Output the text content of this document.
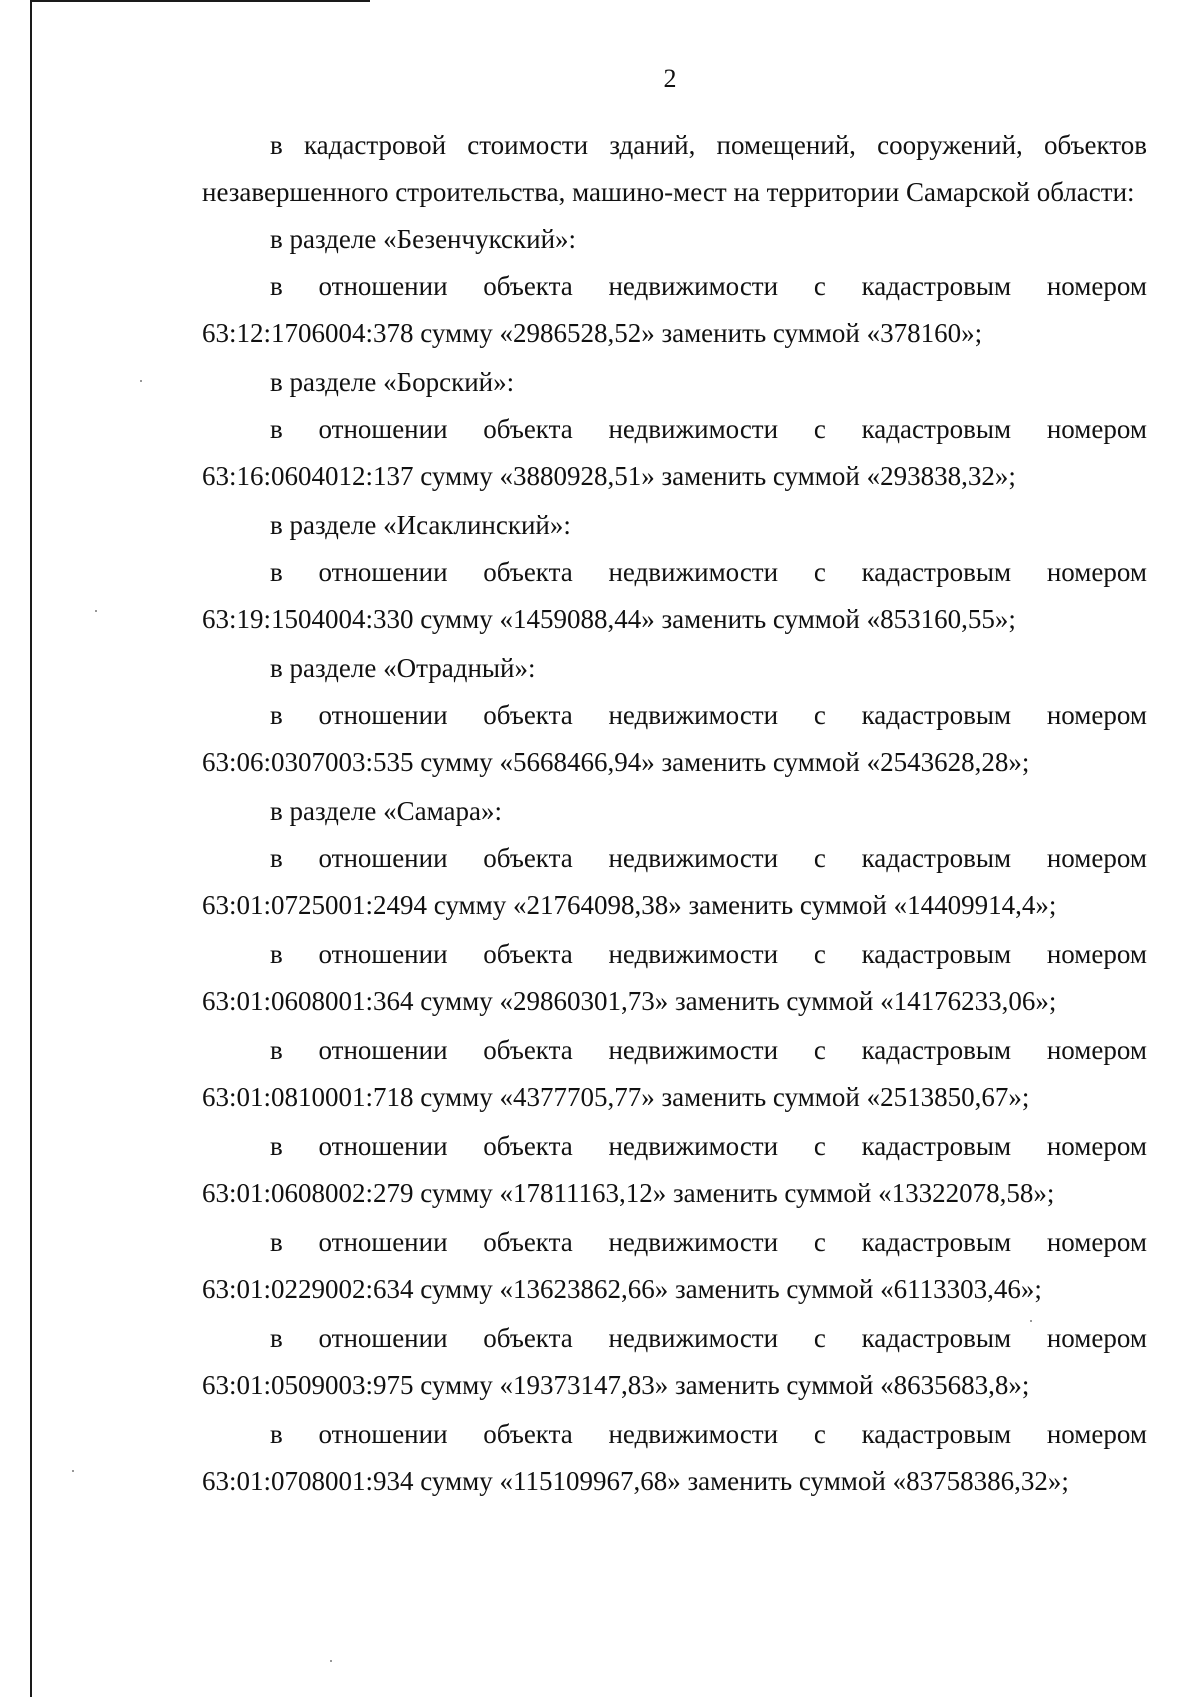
2

в кадастровой стоимости зданий, помещений, сооружений, объектов незавершенного строительства, машино-мест на территории Самарской области:

в разделе «Безенчукский»:
в отношении объекта недвижимости с кадастровым номером
63:12:1706004:378 сумму «2986528,52» заменить суммой «378160»;
в разделе «Борский»:
в отношении объекта недвижимости с кадастровым номером
63:16:0604012:137 сумму «3880928,51» заменить суммой «293838,32»;
в разделе «Исаклинский»:
в отношении объекта недвижимости с кадастровым номером
63:19:1504004:330 сумму «1459088,44» заменить суммой «853160,55»;
в разделе «Отрадный»:
в отношении объекта недвижимости с кадастровым номером
63:06:0307003:535 сумму «5668466,94» заменить суммой «2543628,28»;
в разделе «Самара»:
в отношении объекта недвижимости с кадастровым номером
63:01:0725001:2494 сумму «21764098,38» заменить суммой «14409914,4»;
в отношении объекта недвижимости с кадастровым номером
63:01:0608001:364 сумму «29860301,73» заменить суммой «14176233,06»;
в отношении объекта недвижимости с кадастровым номером
63:01:0810001:718 сумму «4377705,77» заменить суммой «2513850,67»;
в отношении объекта недвижимости с кадастровым номером
63:01:0608002:279 сумму «17811163,12» заменить суммой «13322078,58»;
в отношении объекта недвижимости с кадастровым номером
63:01:0229002:634 сумму «13623862,66» заменить суммой «6113303,46»;
в отношении объекта недвижимости с кадастровым номером
63:01:0509003:975 сумму «19373147,83» заменить суммой «8635683,8»;
в отношении объекта недвижимости с кадастровым номером
63:01:0708001:934 сумму «115109967,68» заменить суммой «83758386,32»;
